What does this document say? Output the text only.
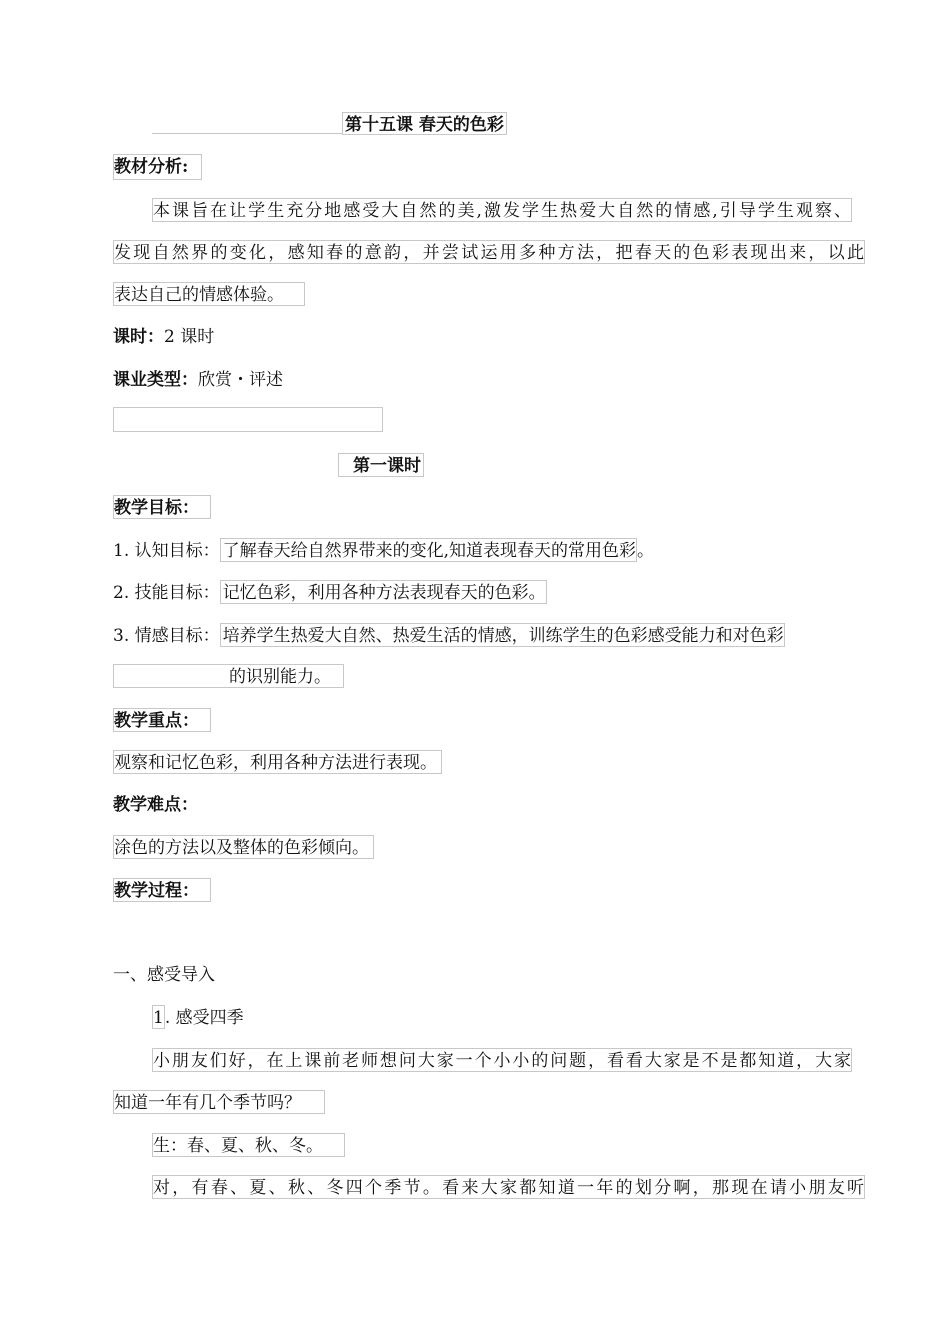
第十五课 春天的色彩
教材分析:
本课旨在让学生充分地感受大自然的美,激发学生热爱大自然的情感,引导学生观察、
发现自然界的变化，感知春的意韵，并尝试运用多种方法，把春天的色彩表现出来，以此
表达自己的情感体验。
课时：2 课时
课业类型：欣赏・评述
第一课时
教学目标：
1. 认知目标： 了解春天给自然界带来的变化,知道表现春天的常用色彩。
2. 技能目标： 记忆色彩，利用各种方法表现春天的色彩。
3. 情感目标： 培养学生热爱大自然、热爱生活的情感，训练学生的色彩感受能力和对色彩
的识别能力。
教学重点：
观察和记忆色彩，利用各种方法进行表现。
教学难点：
涂色的方法以及整体的色彩倾向。
教学过程：
一、感受导入
1. 感受四季
小朋友们好，在上课前老师想问大家一个小小的问题，看看大家是不是都知道，大家
知道一年有几个季节吗？
生：春、夏、秋、冬。
对，有春、夏、秋、冬四个季节。看来大家都知道一年的划分啊，那现在请小朋友听
